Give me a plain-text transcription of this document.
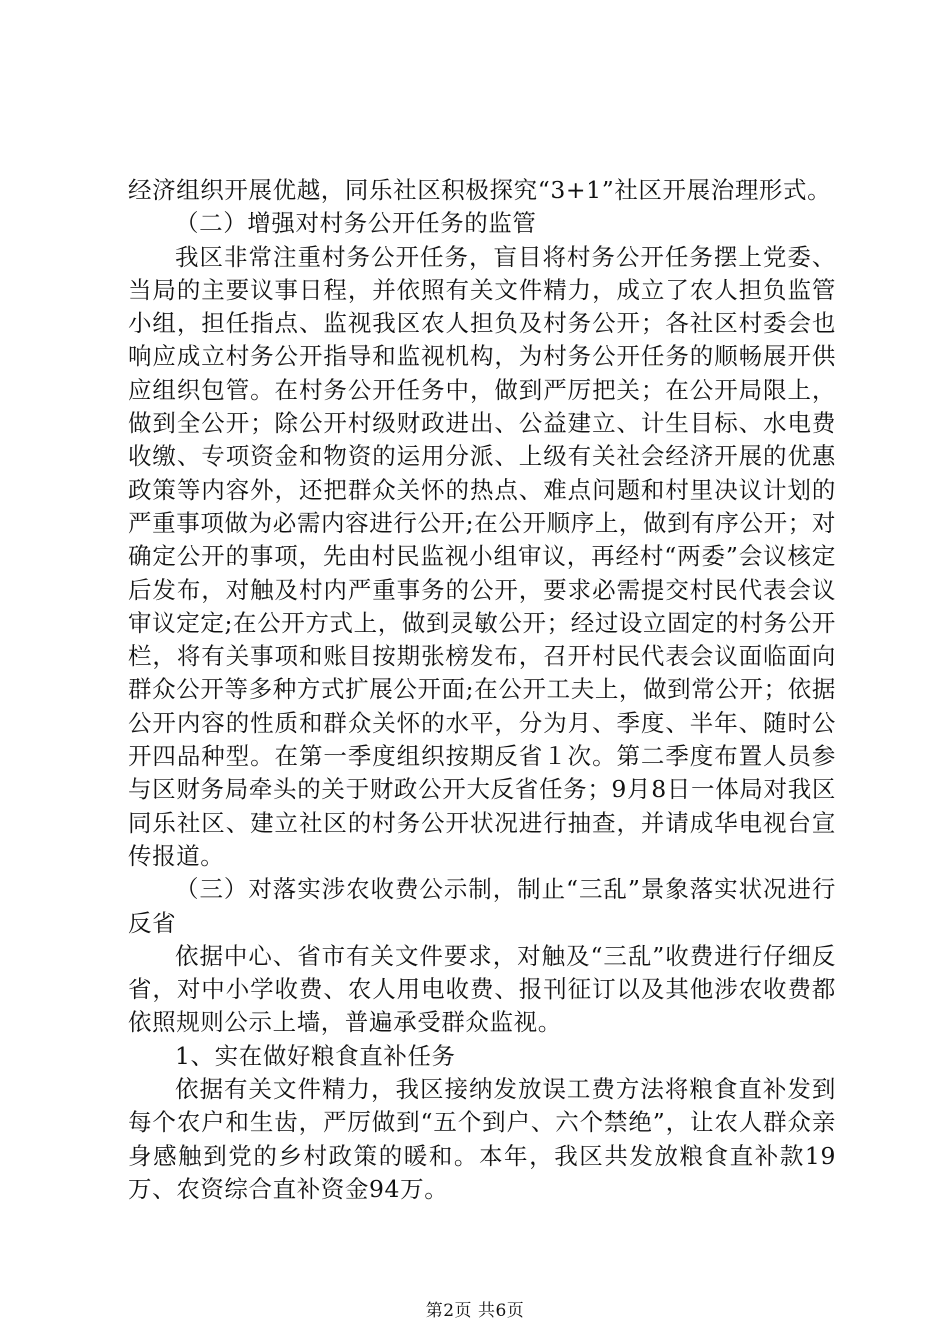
经济组织开展优越，同乐社区积极探究“3+1”社区开展治理形式。

（二）增强对村务公开任务的监管

我区非常注重村务公开任务，盲目将村务公开任务摆上党委、当局的主要议事日程，并依照有关文件精力，成立了农人担负监管小组，担任指点、监视我区农人担负及村务公开；各社区村委会也响应成立村务公开指导和监视机构，为村务公开任务的顺畅展开供应组织包管。在村务公开任务中，做到严厉把关；在公开局限上，做到全公开；除公开村级财政进出、公益建立、计生目标、水电费收缴、专项资金和物资的运用分派、上级有关社会经济开展的优惠政策等内容外，还把群众关怀的热点、难点问题和村里决议计划的严重事项做为必需内容进行公开;在公开顺序上，做到有序公开；对确定公开的事项，先由村民监视小组审议，再经村“两委”会议核定后发布，对触及村内严重事务的公开，要求必需提交村民代表会议审议定定;在公开方式上，做到灵敏公开；经过设立固定的村务公开栏，将有关事项和账目按期张榜发布，召开村民代表会议面临面向群众公开等多种方式扩展公开面;在公开工夫上，做到常公开；依据公开内容的性质和群众关怀的水平，分为月、季度、半年、随时公开四品种型。在第一季度组织按期反省１次。第二季度布置人员参与区财务局牵头的关于财政公开大反省任务；9月8日一体局对我区同乐社区、建立社区的村务公开状况进行抽查，并请成华电视台宣传报道。

（三）对落实涉农收费公示制，制止“三乱”景象落实状况进行反省

依据中心、省市有关文件要求，对触及“三乱”收费进行仔细反省，对中小学收费、农人用电收费、报刊征订以及其他涉农收费都依照规则公示上墙，普遍承受群众监视。

1、实在做好粮食直补任务

依据有关文件精力，我区接纳发放误工费方法将粮食直补发到每个农户和生齿，严厉做到“五个到户、六个禁绝”，让农人群众亲身感触到党的乡村政策的暖和。本年，我区共发放粮食直补款19万、农资综合直补资金94万。

第2页 共6页
